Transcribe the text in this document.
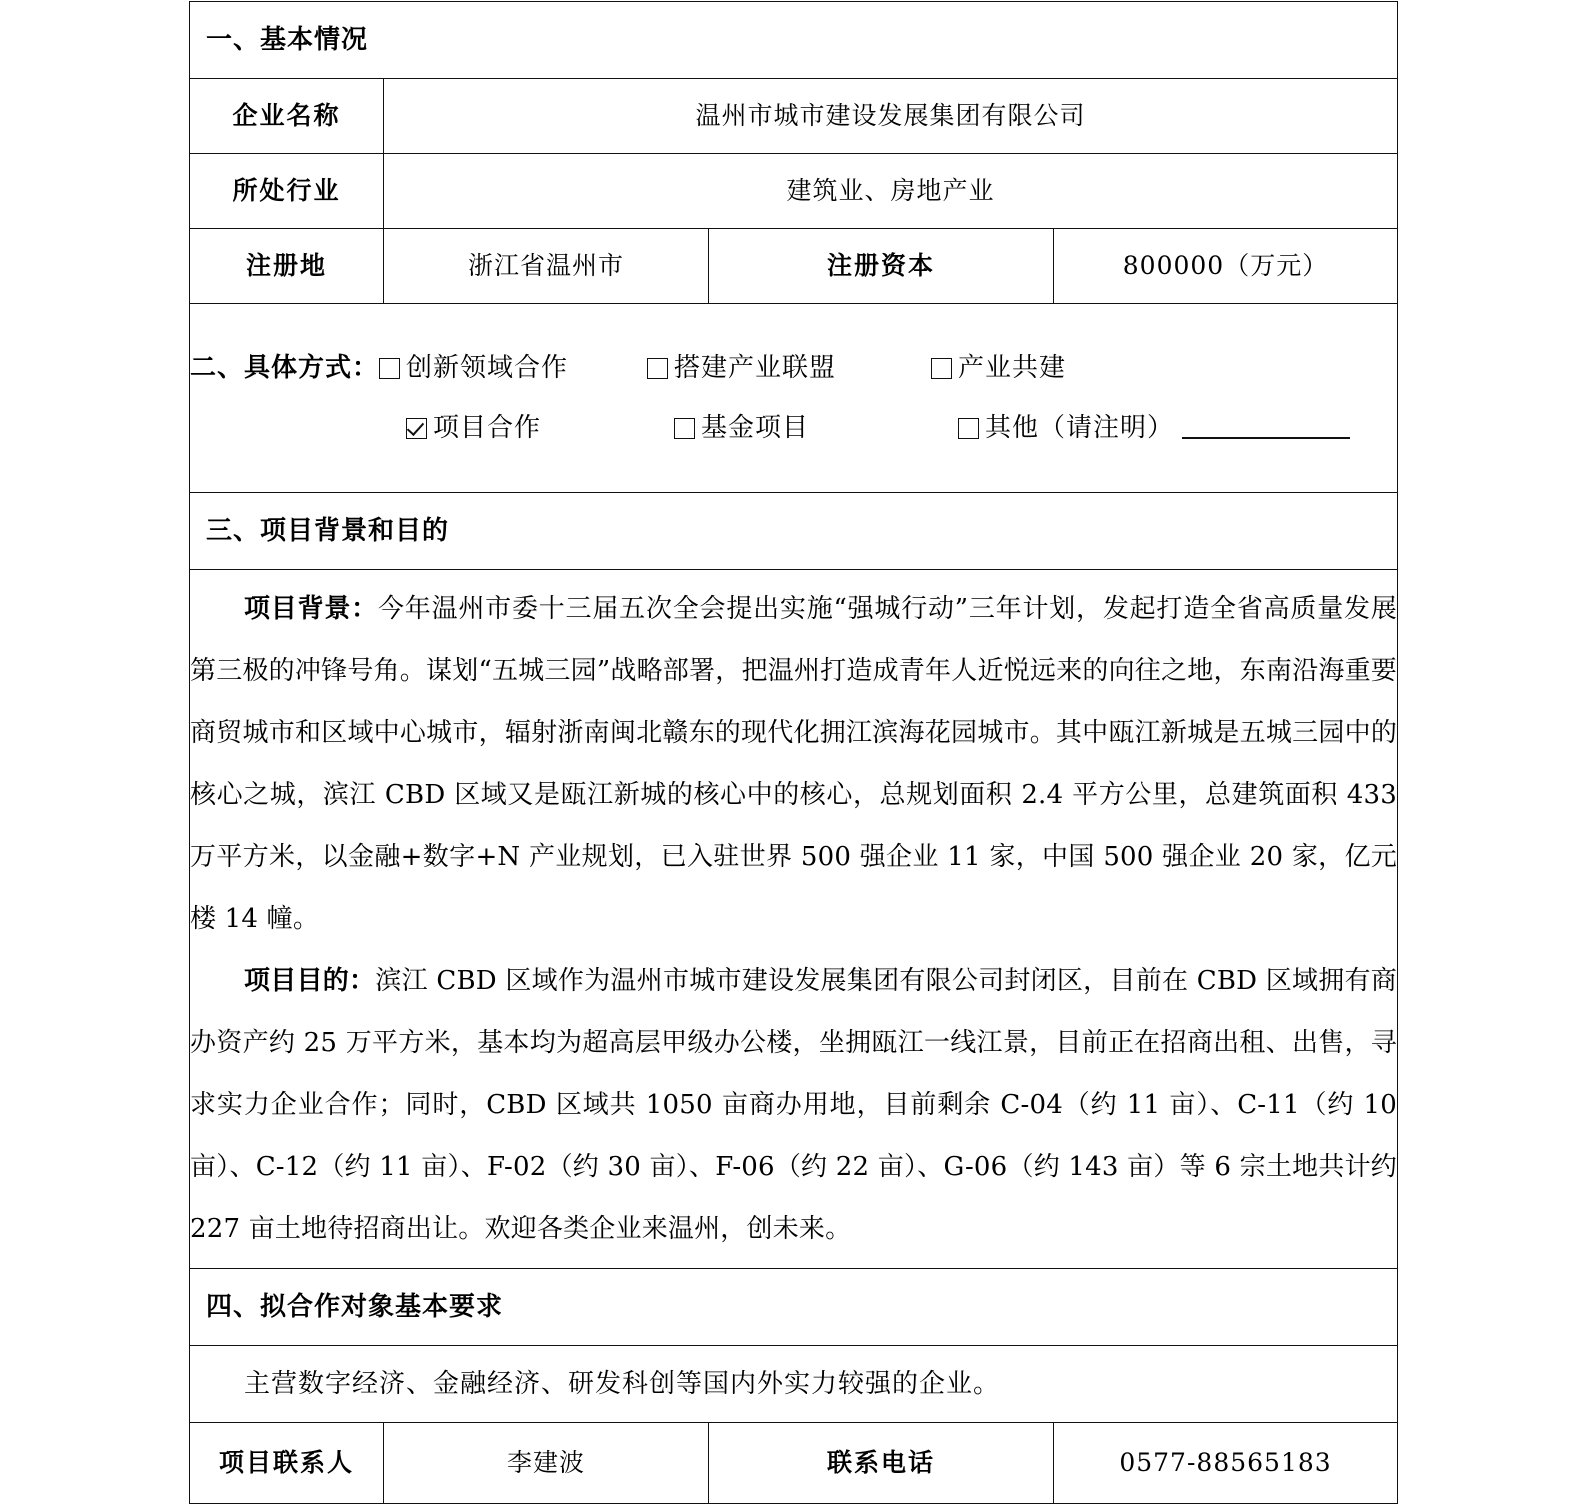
一、基本情况			
企业名称	温州市城市建设发展集团有限公司		
所处行业	建筑业、房地产业		
注册地	浙江省温州市	注册资本	800000（万元）

二、具体方式： 创新领域合作	搭建产业联盟	产业共建
项目合作	基金项目	其他（请注明）

三、项目背景和目的			

项目背景：今年温州市委十三届五次全会提出实施“强城行动”三年计划，发起打造全省高质量发展第三极的冲锋号角。谋划“五城三园”战略部署，把温州打造成青年人近悦远来的向往之地，东南沿海重要商贸城市和区域中心城市，辐射浙南闽北赣东的现代化拥江滨海花园城市。其中瓯江新城是五城三园中的核心之城，滨江 CBD 区域又是瓯江新城的核心中的核心，总规划面积 2.4 平方公里，总建筑面积 433 万平方米，以金融+数字+N 产业规划，已入驻世界 500 强企业 11 家，中国 500 强企业 20 家，亿元楼 14 幢。

项目目的：滨江 CBD 区域作为温州市城市建设发展集团有限公司封闭区，目前在 CBD 区域拥有商办资产约 25 万平方米，基本均为超高层甲级办公楼，坐拥瓯江一线江景，目前正在招商出租、出售，寻求实力企业合作；同时，CBD 区域共 1050 亩商办用地，目前剩余 C-04（约 11 亩）、C-11（约 10 亩）、C-12（约 11 亩）、F-02（约 30 亩）、F-06（约 22 亩）、G-06（约 143 亩）等 6 宗土地共计约 227 亩土地待招商出让。欢迎各类企业来温州，创未来。			

四、拟合作对象基本要求			

主营数字经济、金融经济、研发科创等国内外实力较强的企业。			

项目联系人	李建波	联系电话	0577-88565183
